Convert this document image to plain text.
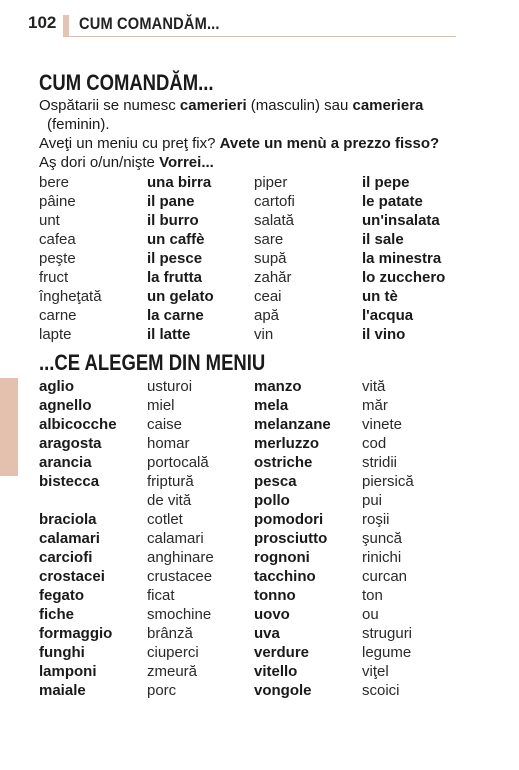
102 CUM COMANDĂM...
CUM COMANDĂM...

Ospătarii se numesc camerieri (masculin) sau cameriera

(feminin).

Aveţi un meniu cu preţ fix? Avete un menù a prezzo fisso?

Aş dori o/un/nişte Vorrei...

bere	una birra	piper	il pepe
pâine	il pane	cartofi	le patate
unt	il burro	salată	un'insalata
cafea	un caffè	sare	il sale
peşte	il pesce	supă	la minestra
fruct	la frutta	zahăr	lo zucchero
îngheţată	un gelato	ceai	un tè
carne	la carne	apă	l'acqua
lapte	il latte	vin	il vino
...CE ALEGEM DIN MENIU
aglio	usturoi	manzo	vită
agnello	miel	mela	măr
albicocche	caise	melanzane	vinete
aragosta	homar	merluzzo	cod
arancia	portocală	ostriche	stridii
bistecca	friptură	pesca	piersică
	de vită	pollo	pui
braciola	cotlet	pomodori	roşii
calamari	calamari	prosciutto	şuncă
carciofi	anghinare	rognoni	rinichi
crostacei	crustacee	tacchino	curcan
fegato	ficat	tonno	ton
fiche	smochine	uovo	ou
formaggio	brânză	uva	struguri
funghi	ciuperci	verdure	legume
lamponi	zmeură	vitello	viţel
maiale	porc	vongole	scoici
